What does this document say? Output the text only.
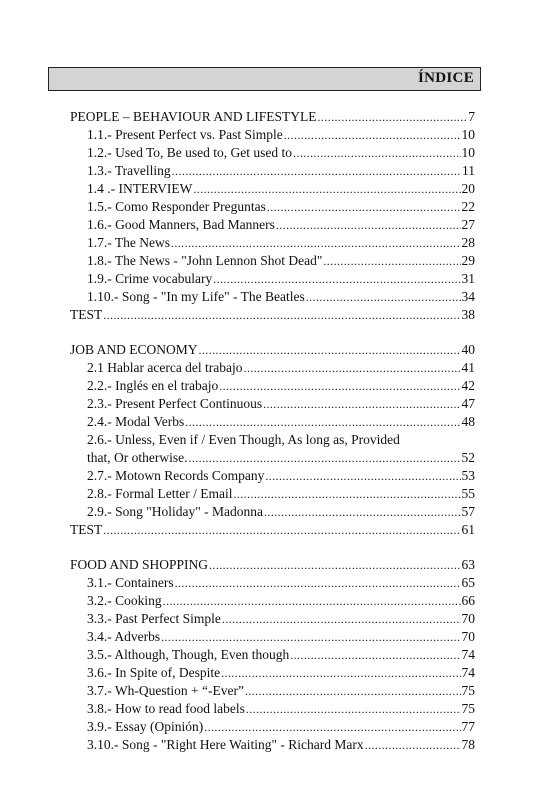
ÍNDICE
PEOPLE – BEHAVIOUR AND LIFESTYLE .....	7
1.1.- Present Perfect vs. Past Simple .....	10
1.2.- Used To, Be used to, Get used to .....	10
1.3.- Travelling .....	11
1.4 .- INTERVIEW .....	20
1.5.- Como Responder Preguntas .....	22
1.6.- Good Manners, Bad Manners .....	27
1.7.- The News .....	28
1.8.- The News - "John Lennon Shot Dead" .....	29
1.9.- Crime vocabulary .....	31
1.10.- Song - "In my Life" - The Beatles .....	34
TEST .....	38
JOB AND ECONOMY .....	40
2.1 Hablar acerca del trabajo .....	41
2.2.- Inglés en el trabajo .....	42
2.3.- Present Perfect Continuous .....	47
2.4.- Modal Verbs .....	48
2.6.- Unless, Even if / Even Though, As long as, Provided
that, Or otherwise. .....	52
2.7.- Motown Records Company .....	53
2.8.- Formal Letter / Email .....	55
2.9.- Song "Holiday" - Madonna .....	57
TEST .....	61
FOOD AND SHOPPING .....	63
3.1.- Containers .....	65
3.2.- Cooking .....	66
3.3.- Past Perfect Simple .....	70
3.4.- Adverbs .....	70
3.5.- Although, Though, Even though .....	74
3.6.- In Spite of, Despite .....	74
3.7.- Wh-Question + “-Ever” .....	75
3.8.- How to read food labels .....	75
3.9.- Essay (Opinión) .....	77
3.10.- Song - "Right Here Waiting" - Richard Marx .....	78
